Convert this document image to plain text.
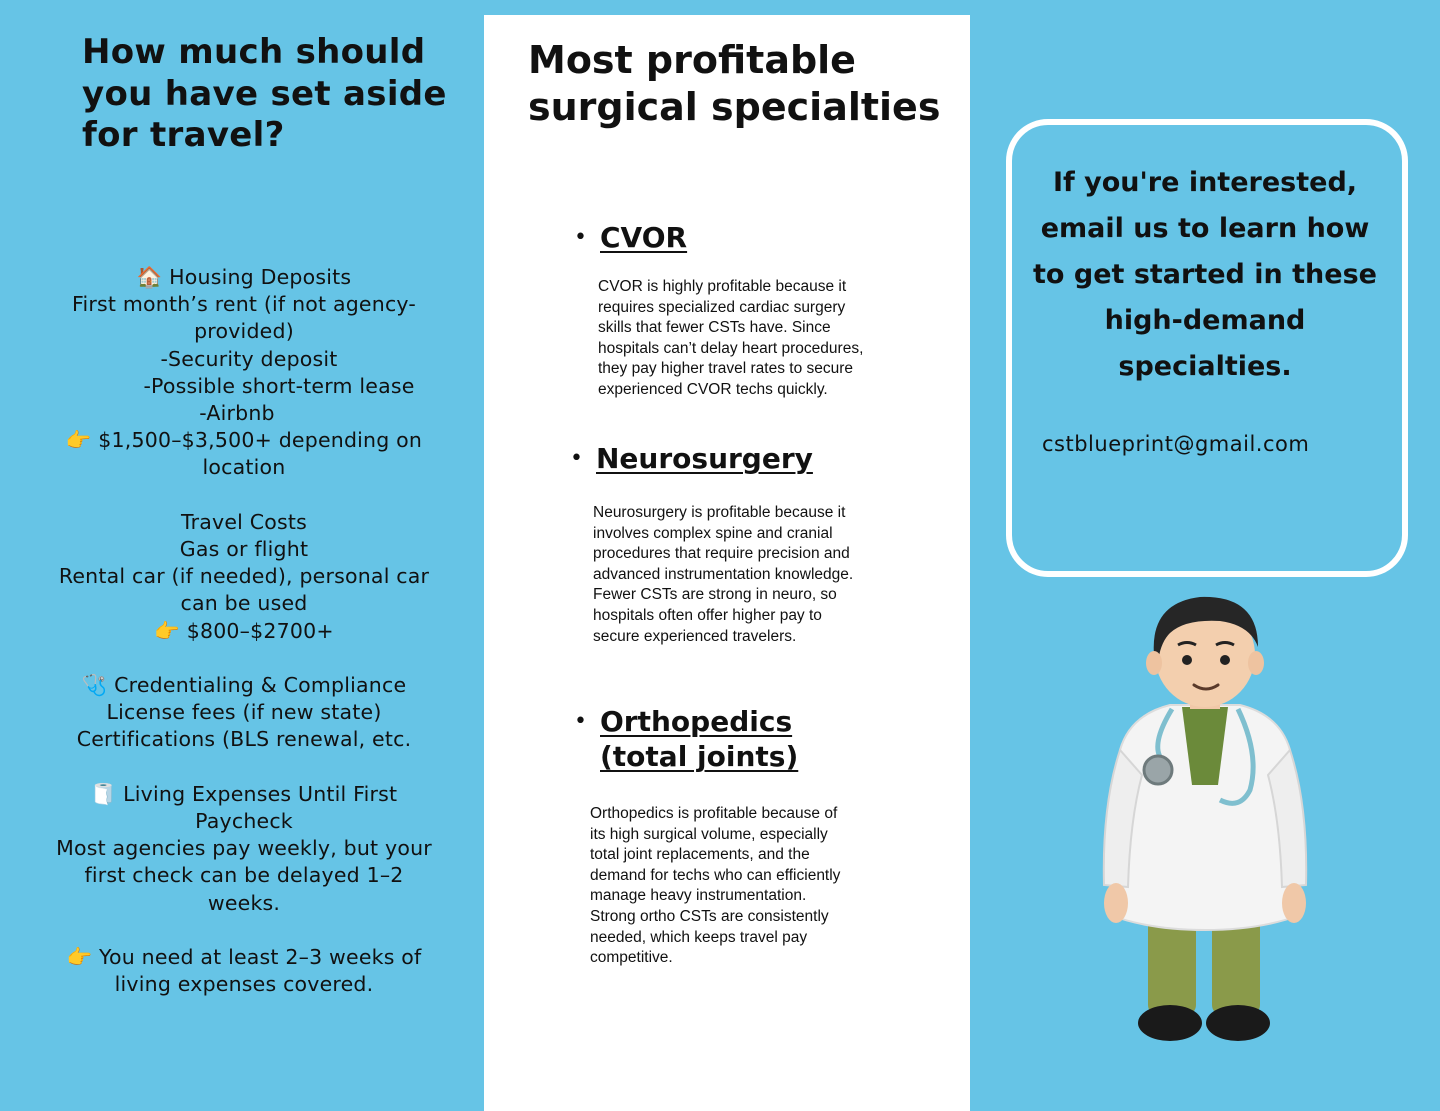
How much should you have set aside for travel?
🏠 Housing Deposits
First month’s rent (if not agency-
provided)
-Security deposit
-Possible short-term lease
-Airbnb
👉 $1,500–$3,500+ depending on
location
Travel Costs
Gas or flight
Rental car (if needed), personal car
can be used
👉 $800–$2700+
🩺 Credentialing & Compliance
License fees (if new state)
Certifications (BLS renewal, etc.
🧻 Living Expenses Until First
Paycheck
Most agencies pay weekly, but your
first check can be delayed 1–2
weeks.
👉 You need at least 2–3 weeks of
living expenses covered.
Most profitable surgical specialties
• CVOR
CVOR is highly profitable because it requires specialized cardiac surgery skills that fewer CSTs have. Since hospitals can’t delay heart procedures, they pay higher travel rates to secure experienced CVOR techs quickly.
• Neurosurgery
Neurosurgery is profitable because it involves complex spine and cranial procedures that require precision and advanced instrumentation knowledge. Fewer CSTs are strong in neuro, so hospitals often offer higher pay to secure experienced travelers.
• Orthopedics (total joints)
Orthopedics is profitable because of its high surgical volume, especially total joint replacements, and the demand for techs who can efficiently manage heavy instrumentation. Strong ortho CSTs are consistently needed, which keeps travel pay competitive.
If you're interested, email us to learn how to get started in these high-demand specialties.
cstblueprint@gmail.com
